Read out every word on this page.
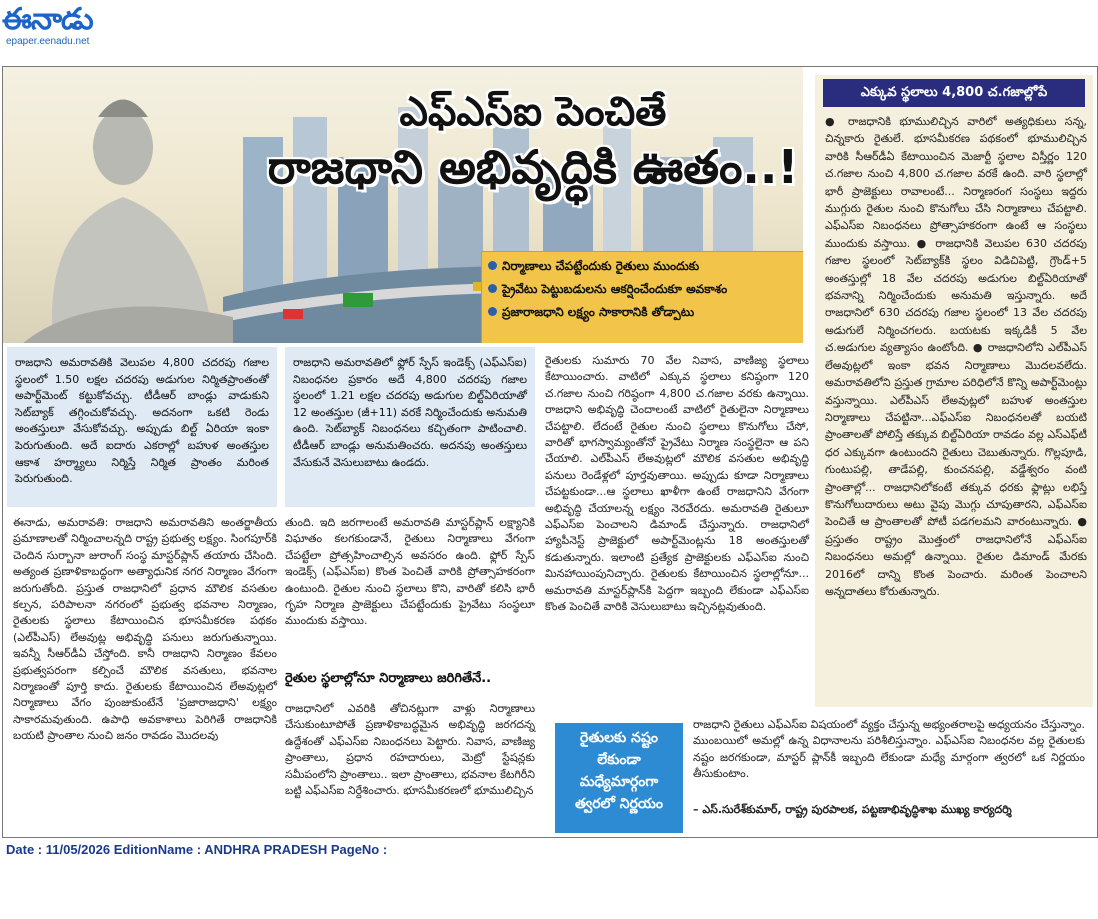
ఈనాడు
epaper.eenadu.net
ఎఫ్‌ఎస్‌ఐ పెంచితే
రాజధాని అభివృద్ధికి ఊతం..!
నిర్మాణాలు చేపట్టేందుకు రైతులు ముందుకు
ప్రైవేటు పెట్టుబడులను ఆకర్షించేందుకూ అవకాశం
ప్రజారాజధాని లక్ష్యం సాకారానికి తోడ్పాటు
ఎక్కువ స్థలాలు 4,800 చ.గజాల్లోపే
● రాజధానికి భూములిచ్చిన వారిలో అత్యధికులు సన్న, చిన్నకారు రైతులే. భూసమీకరణ పథకంలో భూములిచ్చిన వారికి సీఆర్‌డీఏ కేటాయించిన మెజార్టీ స్థలాల విస్తీర్ణం 120 చ.గజాల నుంచి 4,800 చ.గజాల వరకే ఉంది. వారి స్థలాల్లో భారీ ప్రాజెక్టులు రావాలంటే... నిర్మాణరంగ సంస్థలు ఇద్దరు ముగ్గురు రైతుల నుంచి కొనుగోలు చేసి నిర్మాణాలు చేపట్టాలి. ఎఫ్‌ఎస్‌ఐ నిబంధనలు ప్రోత్సాహకరంగా ఉంటే ఆ సంస్థలు ముందుకు వస్తాయి. ● రాజధానికి వెలుపల 630 చదరపు గజాల స్థలంలో సెట్‌బ్యాక్‌కి స్థలం విడిచిపెట్టి, గ్రౌండ్‌+5 అంతస్తుల్లో 18 వేల చదరపు అడుగుల బిల్ట్‌ఏరియాతో భవనాన్ని నిర్మించేందుకు అనుమతి ఇస్తున్నారు. అదే రాజధానిలో 630 చదరపు గజాల స్థలంలో 13 వేల చదరపు అడుగులే నిర్మించగలరు. బయటకు ఇక్కడికీ 5 వేల చ.అడుగుల వ్యత్యాసం ఉంటోంది. ● రాజధానిలోని ఎల్‌పీఎస్‌ లేఅవుట్లలో ఇంకా భవన నిర్మాణాలు మొదలవలేదు. అమరావతిలోని ప్రస్తుత గ్రామాల పరిధిలోనే కొన్ని అపార్ట్‌మెంట్లు వస్తున్నాయి. ఎల్‌పీఎస్‌ లేఅవుట్లలో బహుళ అంతస్తుల నిర్మాణాలు చేపట్టినా...ఎఫ్‌ఎస్‌ఐ నిబంధనలతో బయటి ప్రాంతాలతో పోలిస్తే తక్కువ బిల్ట్‌ఏరియా రావడం వల్ల ఎస్‌ఎఫ్‌టీ ధర ఎక్కువగా ఉంటుందని రైతులు చెబుతున్నారు. గొల్లపూడి, గుంటుపల్లి, తాడేపల్లి, కుంచనపల్లి, వడ్డేశ్వరం వంటి ప్రాంతాల్లో... రాజధానిలోకంటే తక్కువ ధరకు ఫ్లాట్లు లభిస్తే కొనుగోలుదారులు అటు వైపు మొగ్గు చూపుతారని, ఎఫ్‌ఎస్‌ఐ పెంచితే ఆ ప్రాంతాలతో పోటీ పడగలమని వారంటున్నారు. ● ప్రస్తుతం రాష్ట్రం మొత్తంలో రాజధానిలోనే ఎఫ్‌ఎస్‌ఐ నిబంధనలు అమల్లో ఉన్నాయి. రైతుల డిమాండ్‌ మేరకు 2016లో దాన్ని కొంత పెంచారు. మరింత పెంచాలని అన్నదాతలు కోరుతున్నారు.
రాజధాని అమరావతికి వెలుపల 4,800 చదరపు గజాల స్థలంలో 1.50 లక్షల చదరపు అడుగుల నిర్మితప్రాంతంతో అపార్ట్‌మెంట్‌ కట్టుకోవచ్చు. టీడీఆర్‌ బాండ్లు వాడుకుని సెట్‌బ్యాక్‌ తగ్గించుకోవచ్చు. అదనంగా ఒకటి రెండు అంతస్తులూ వేసుకోవచ్చు. అప్పుడు బిల్ట్‌ ఏరియా ఇంకా పెరుగుతుంది. అదే ఐదారు ఎకరాల్లో బహుళ అంతస్తుల ఆకాశ హర్మ్యాలు నిర్మిస్తే నిర్మిత ప్రాంతం మరింత పెరుగుతుంది.
రాజధాని అమరావతిలో ఫ్లోర్‌ స్పేస్‌ ఇండెక్స్‌ (ఎఫ్‌ఎస్‌ఐ) నిబంధనల ప్రకారం అదే 4,800 చదరపు గజాల స్థలంలో 1.21 లక్షల చదరపు అడుగుల బిల్ట్‌ఏరియాతో 12 అంతస్తుల (జీ+11) వరకే నిర్మించేందుకు అనుమతి ఉంది. సెట్‌బ్యాక్‌ నిబంధనలు కచ్చితంగా పాటించాలి. టీడీఆర్‌ బాండ్లు అనుమతించరు. అదనపు అంతస్తులు వేసుకునే వెసులుబాటు ఉండదు.
ఈనాడు, అమరావతి: రాజధాని అమరావతిని అంతర్జాతీయ ప్రమాణాలతో నిర్మించాలన్నది రాష్ట్ర ప్రభుత్వ లక్ష్యం. సింగపూర్‌కి చెందిన సుర్బానా జురాంగ్‌ సంస్థ మాస్టర్‌ప్లాన్‌ తయారు చేసింది. అత్యంత ప్రణాళికాబద్ధంగా అత్యాధునిక నగర నిర్మాణం వేగంగా జరుగుతోంది. ప్రస్తుత రాజధానిలో ప్రధాన మౌలిక వసతుల కల్పన, పరిపాలనా నగరంలో ప్రభుత్వ భవనాల నిర్మాణం, రైతులకు స్థలాలు కేటాయించిన భూసమీకరణ పథకం (ఎల్‌పీఎస్‌) లేఅవుట్ల అభివృద్ధి పనులు జరుగుతున్నాయి. ఇవన్నీ సీఆర్‌డీఏ చేస్తోంది. కానీ రాజధాని నిర్మాణం కేవలం ప్రభుత్వపరంగా కల్పించే మౌలిక వసతులు, భవనాల నిర్మాణంతో పూర్తి కాదు. రైతులకు కేటాయించిన లేఅవుట్లలో నిర్మాణాలు వేగం పుంజుకుంటేనే 'ప్రజారాజధాని' లక్ష్యం సాకారమవుతుంది. ఉపాధి అవకాశాలు పెరిగితే రాజధానికి బయటి ప్రాంతాల నుంచి జనం రావడం మొదలవు
తుంది. ఇది జరగాలంటే అమరావతి మాస్టర్‌ప్లాన్‌ లక్ష్యానికి విఘాతం కలగకుండానే, రైతులు నిర్మాణాలు వేగంగా చేపట్టేలా ప్రోత్సహించాల్సిన అవసరం ఉంది. ఫ్లోర్‌ స్పేస్‌ ఇండెక్స్‌ (ఎఫ్‌ఎస్‌ఐ) కొంత పెంచితే వారికి ప్రోత్సాహకరంగా ఉంటుంది. రైతుల నుంచి స్థలాలు కొని, వారితో కలిసి భారీ గృహ నిర్మాణ ప్రాజెక్టులు చేపట్టేందుకు ప్రైవేటు సంస్థలూ ముందుకు వస్తాయి.
రైతుల స్థలాల్లోనూ నిర్మాణాలు జరిగితేనే..
రాజధానిలో ఎవరికి తోచినట్లుగా వాళ్లు నిర్మాణాలు చేసుకుంటూపోతే ప్రణాళికాబద్ధమైన అభివృద్ధి జరగదన్న ఉద్దేశంతో ఎఫ్‌ఎస్‌ఐ నిబంధనలు పెట్టారు. నివాస, వాణిజ్య ప్రాంతాలు, ప్రధాన రహదారులు, మెట్రో స్టేషన్లకు సమీపంలోని ప్రాంతాలు.. ఇలా ప్రాంతాలు, భవనాల కేటగిరీని బట్టి ఎఫ్‌ఎస్‌ఐ నిర్దేశించారు. భూసమీకరణలో భూములిచ్చిన
రైతులకు సుమారు 70 వేల నివాస, వాణిజ్య స్థలాలు కేటాయించారు. వాటిలో ఎక్కువ స్థలాలు కనిష్ఠంగా 120 చ.గజాల నుంచి గరిష్ఠంగా 4,800 చ.గజాల వరకు ఉన్నాయి. రాజధాని అభివృద్ధి చెందాలంటే వాటిలో రైతులైనా నిర్మాణాలు చేపట్టాలి. లేదంటే రైతుల నుంచి స్థలాలు కొనుగోలు చేసో, వారితో భాగస్వామ్యంతోనో ప్రైవేటు నిర్మాణ సంస్థలైనా ఆ పని చేయాలి. ఎల్‌పీఎస్‌ లేఅవుట్లలో మౌలిక వసతుల అభివృద్ధి పనులు రెండేళ్లలో పూర్తవుతాయి. అప్పుడు కూడా నిర్మాణాలు చేపట్టకుండా...ఆ స్థలాలు ఖాళీగా ఉంటే రాజధానిని వేగంగా అభివృద్ధి చేయాలన్న లక్ష్యం నెరవేరదు. అమరావతి రైతులూ ఎఫ్‌ఎస్‌ఐ పెంచాలని డిమాండ్‌ చేస్తున్నారు. రాజధానిలో హ్యాపీనెస్ట్‌ ప్రాజెక్టులో అపార్ట్‌మెంట్లను 18 అంతస్తులతో కడుతున్నారు. ఇలాంటి ప్రత్యేక ప్రాజెక్టులకు ఎఫ్‌ఎస్‌ఐ నుంచి మినహాయింపునిచ్చారు. రైతులకు కేటాయించిన స్థలాల్లోనూ... అమరావతి మాస్టర్‌ప్లాన్‌కి పెద్దగా ఇబ్బంది లేకుండా ఎఫ్‌ఎస్‌ఐ కొంత పెంచితే వారికి వెసులుబాటు ఇచ్చినట్లవుతుంది.
రైతులకు నష్టం
లేకుండా
మధ్యేమార్గంగా
త్వరలో నిర్ణయం
రాజధాని రైతులు ఎఫ్‌ఎస్‌ఐ విషయంలో వ్యక్తం చేస్తున్న అభ్యంతరాలపై అధ్యయనం చేస్తున్నాం. ముంబయిలో అమల్లో ఉన్న విధానాలను పరిశీలిస్తున్నాం. ఎఫ్‌ఎస్‌ఐ నిబంధనల వల్ల రైతులకు నష్టం జరగకుండా, మాస్టర్‌ ప్లాన్‌కీ ఇబ్బంది లేకుండా మధ్యే మార్గంగా త్వరలో ఒక నిర్ణయం తీసుకుంటాం.
– ఎస్‌.సురేశ్‌కుమార్‌, రాష్ట్ర పురపాలక, పట్టణాభివృద్ధిశాఖ ముఖ్య కార్యదర్శి
Date : 11/05/2026 EditionName : ANDHRA PRADESH PageNo :
